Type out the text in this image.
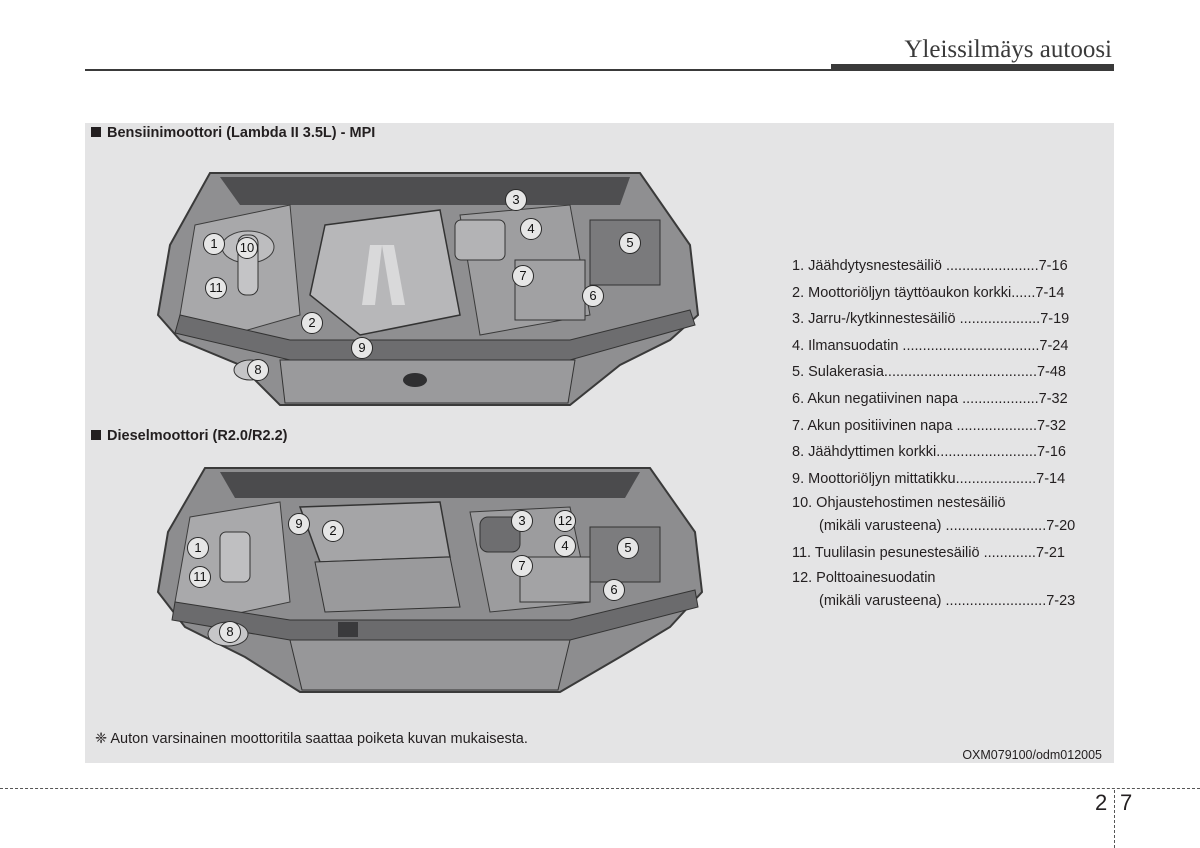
Yleissilmäys autoosi
Bensiinimoottori (Lambda II 3.5L) - MPI
1	10
11
2
9
8
3
4
7
5
6
Dieselmoottori (R2.0/R2.2)
1
11
8
9	2
3	12
4
7
5
6
1. Jäähdytysnestesäiliö .......................7-16
2. Moottoriöljyn täyttöaukon korkki......7-14
3. Jarru-/kytkinnestesäiliö ....................7-19
4. Ilmansuodatin ..................................7-24
5. Sulakerasia......................................7-48
6. Akun negatiivinen napa ...................7-32
7. Akun positiivinen napa ....................7-32
8. Jäähdyttimen korkki.........................7-16
9. Moottoriöljyn mittatikku....................7-14
10. Ohjaustehostimen nestesäiliö
(mikäli varusteena) .........................7-20
11. Tuulilasin pesunestesäiliö .............7-21
12. Polttoainesuodatin
(mikäli varusteena) .........................7-23
❈ Auton varsinainen moottoritila saattaa poiketa kuvan mukaisesta.
OXM079100/odm012005
2 7
